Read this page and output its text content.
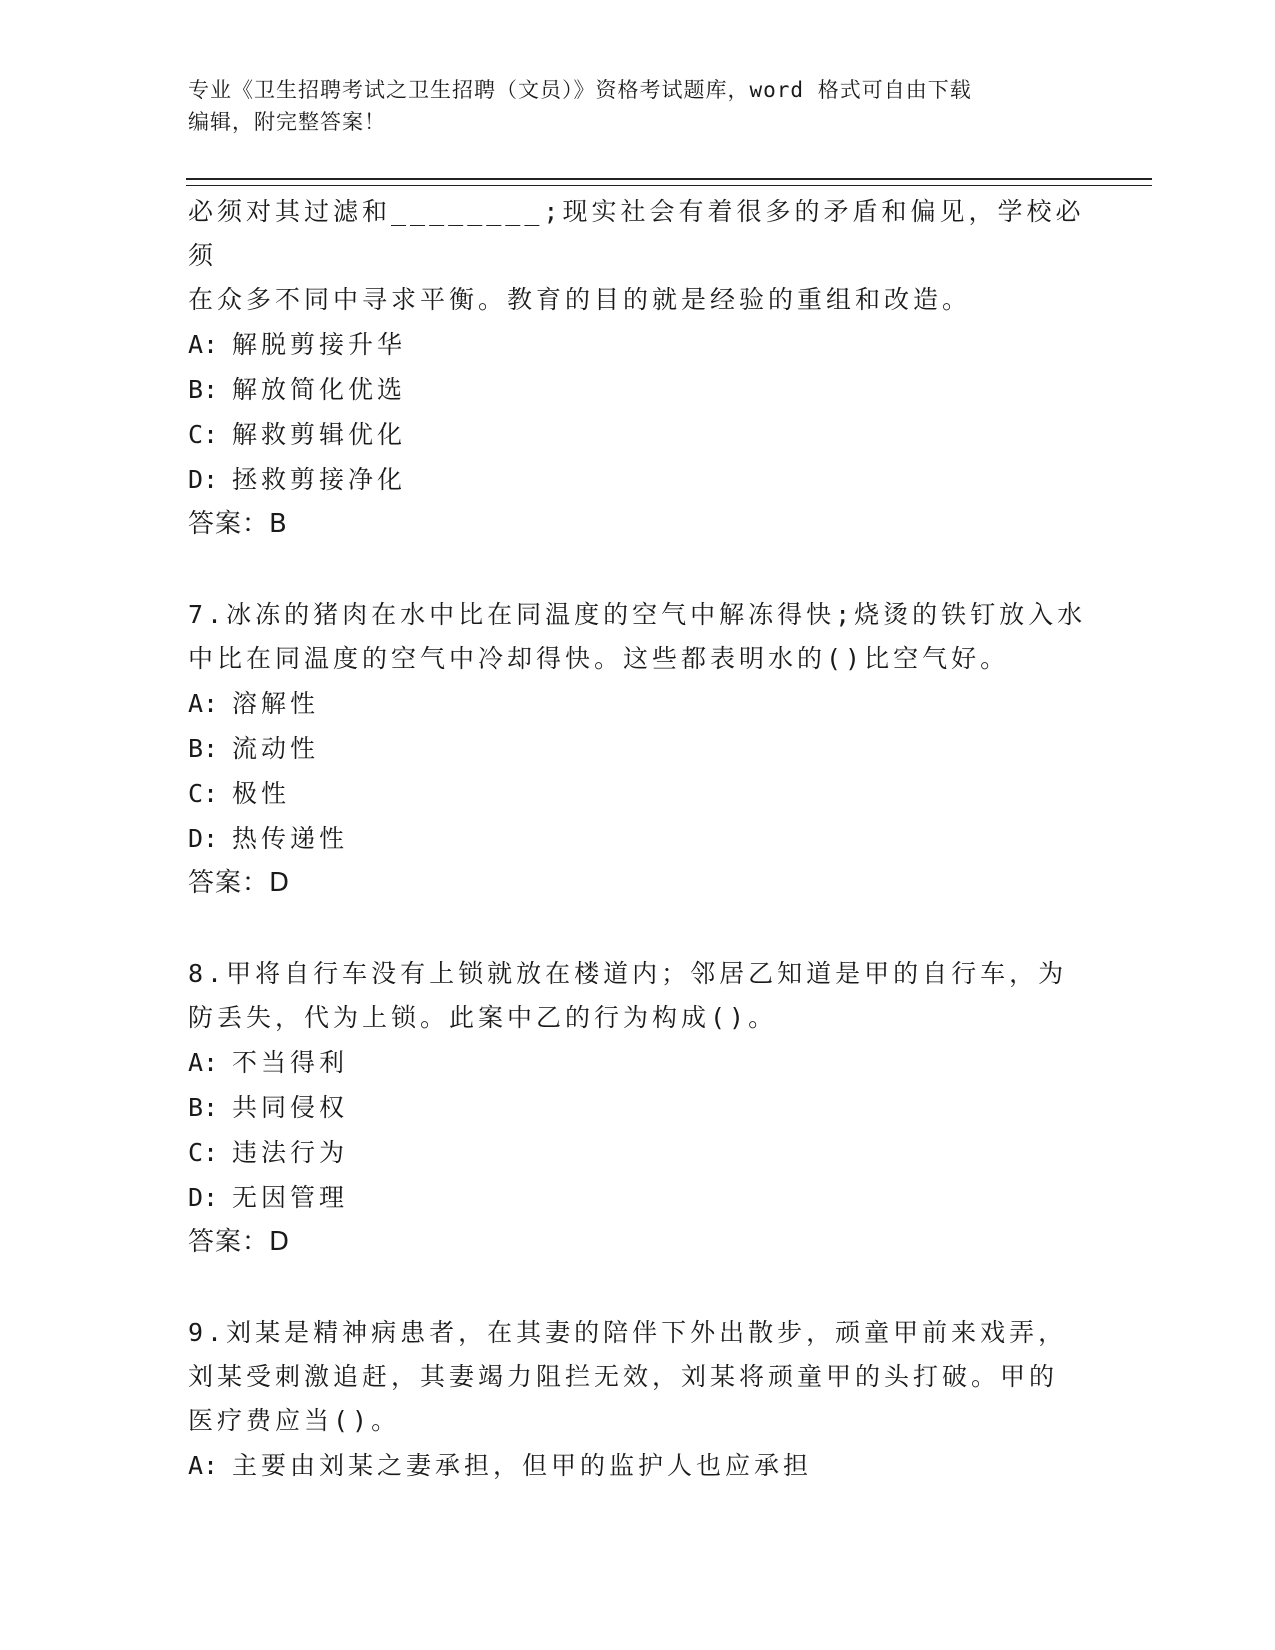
专业《卫生招聘考试之卫生招聘（文员）》资格考试题库，word 格式可自由下载
编辑，附完整答案！

必须对其过滤和________;现实社会有着很多的矛盾和偏见，学校必须

在众多不同中寻求平衡。教育的目的就是经验的重组和改造。

A: 解脱剪接升华

B: 解放简化优选

C: 解救剪辑优化

D: 拯救剪接净化

答案：B

7.冰冻的猪肉在水中比在同温度的空气中解冻得快;烧烫的铁钉放入水

中比在同温度的空气中冷却得快。这些都表明水的()比空气好。

A: 溶解性

B: 流动性

C: 极性

D: 热传递性

答案：D

8.甲将自行车没有上锁就放在楼道内；邻居乙知道是甲的自行车，为

防丢失，代为上锁。此案中乙的行为构成()。

A: 不当得利

B: 共同侵权

C: 违法行为

D: 无因管理

答案：D

9.刘某是精神病患者，在其妻的陪伴下外出散步，顽童甲前来戏弄，

刘某受刺激追赶，其妻竭力阻拦无效，刘某将顽童甲的头打破。甲的

医疗费应当()。

A: 主要由刘某之妻承担，但甲的监护人也应承担
